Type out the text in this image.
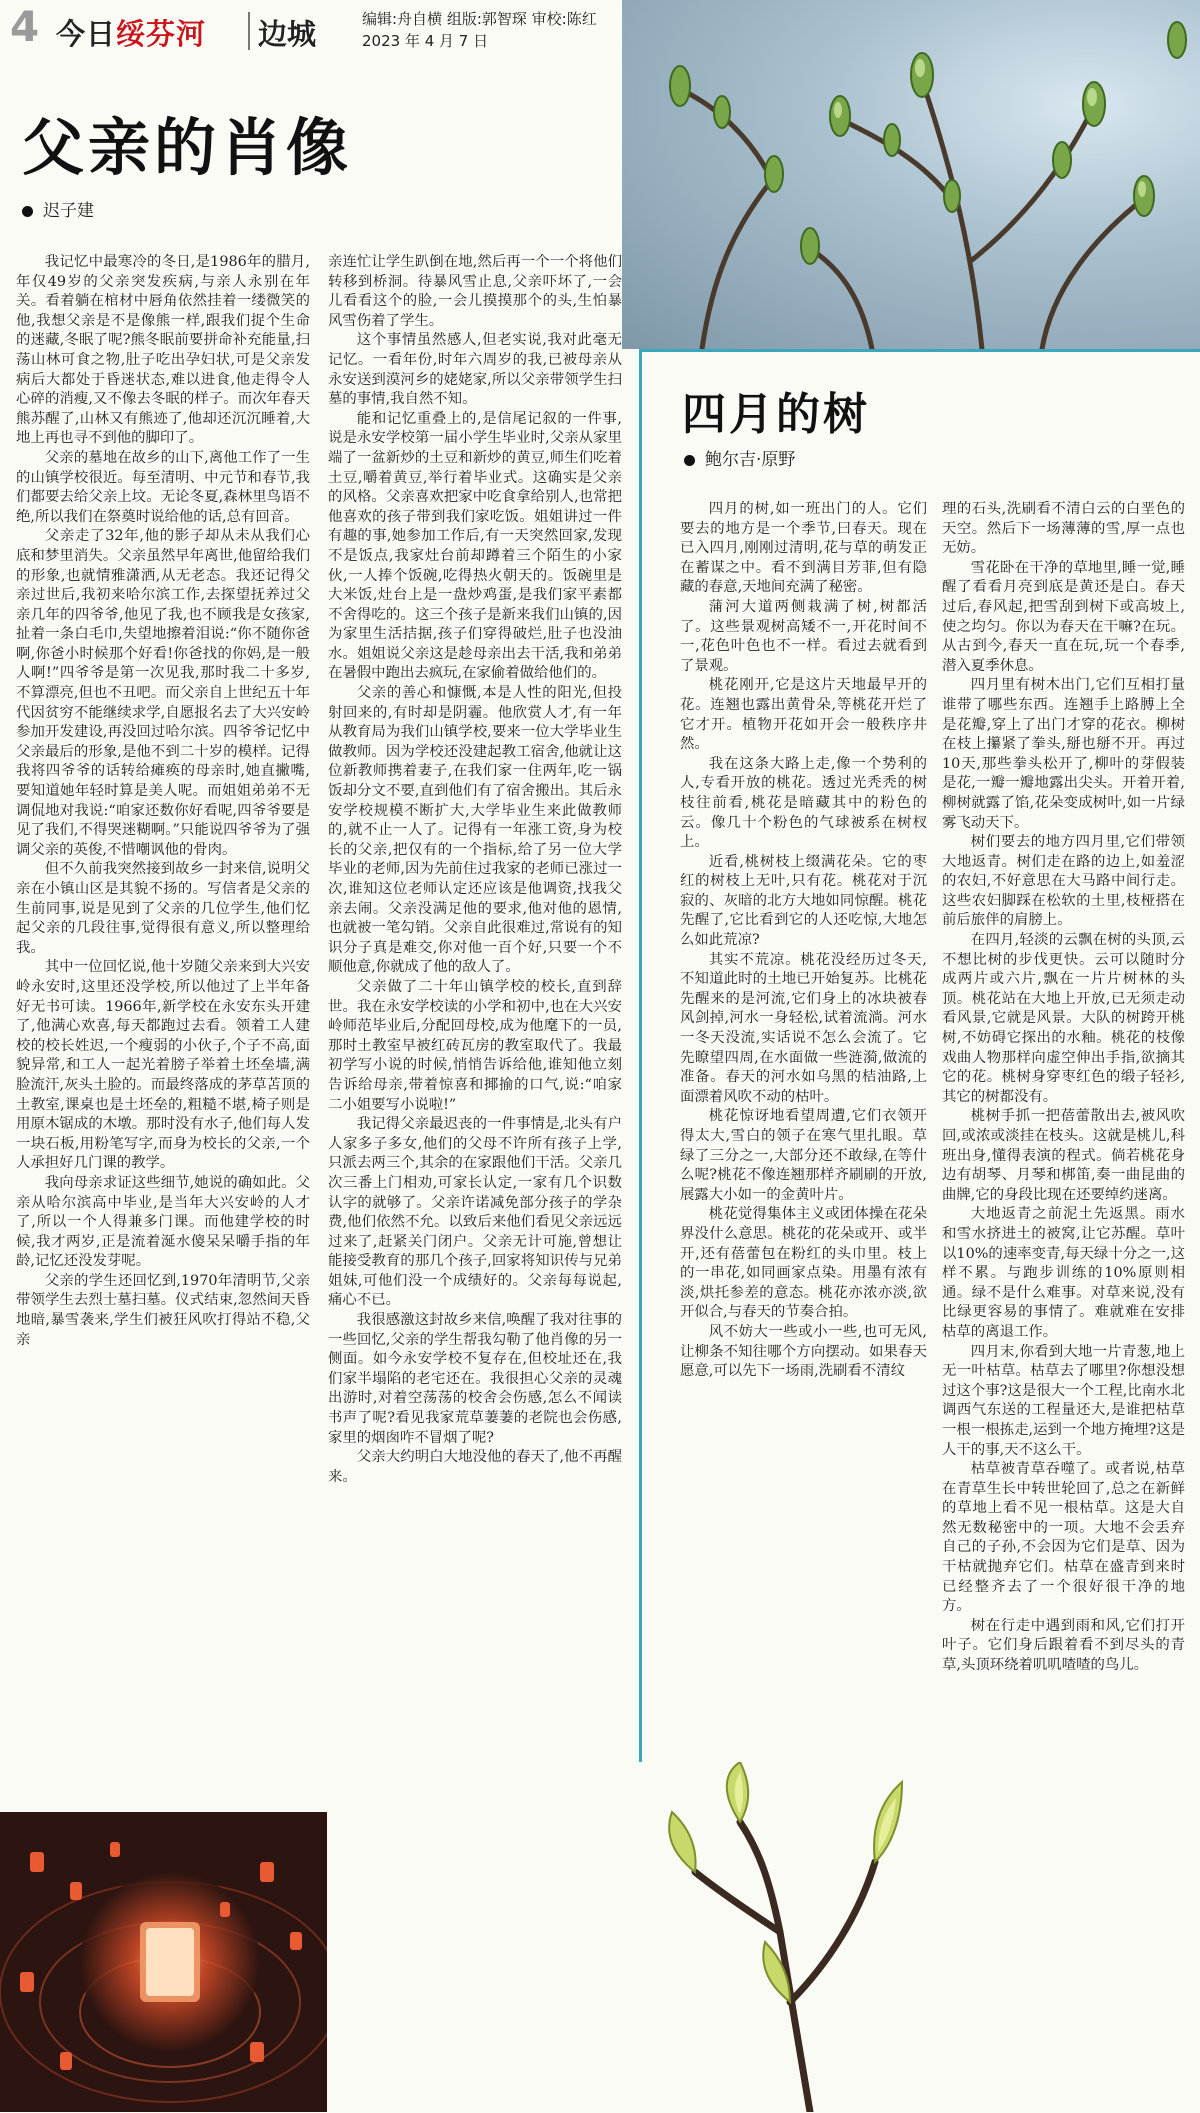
4 今日绥芬河 边城	编辑:舟自横 组版:郭智琛 审校:陈红
2023 年 4 月 7 日
父亲的肖像
迟子建

我记忆中最寒冷的冬日,是1986年的腊月,年仅49岁的父亲突发疾病,与亲人永别在年关。看着躺在棺材中唇角依然挂着一缕微笑的他,我想父亲是不是像熊一样,跟我们捉个生命的迷藏,冬眠了呢?熊冬眠前要拼命补充能量,扫荡山林可食之物,肚子吃出孕妇状,可是父亲发病后大都处于昏迷状态,难以进食,他走得令人心碎的消瘦,又不像去冬眠的样子。而次年春天熊苏醒了,山林又有熊迹了,他却还沉沉睡着,大地上再也寻不到他的脚印了。

父亲的墓地在故乡的山下,离他工作了一生的山镇学校很近。每至清明、中元节和春节,我们都要去给父亲上坟。无论冬夏,森林里鸟语不绝,所以我们在祭奠时说给他的话,总有回音。

父亲走了32年,他的影子却从未从我们心底和梦里消失。父亲虽然早年离世,他留给我们的形象,也就情雅潇洒,从无老态。我还记得父亲过世后,我初来哈尔滨工作,去探望抚养过父亲几年的四爷爷,他见了我,也不顾我是女孩家,扯着一条白毛巾,失望地擦着泪说:“你不随你爸啊,你爸小时候那个好看!你爸找的你妈,是一般人啊!”四爷爷是第一次见我,那时我二十多岁,不算漂亮,但也不丑吧。而父亲自上世纪五十年代因贫穷不能继续求学,自愿报名去了大兴安岭参加开发建设,再没回过哈尔滨。四爷爷记忆中父亲最后的形象,是他不到二十岁的模样。记得我将四爷爷的话转给瘫痪的母亲时,她直撇嘴,要知道她年轻时算是美人呢。而姐姐弟弟不无调侃地对我说:“咱家还数你好看呢,四爷爷要是见了我们,不得哭迷糊啊。”只能说四爷爷为了强调父亲的英俊,不惜嘲讽他的骨肉。

但不久前我突然接到故乡一封来信,说明父亲在小镇山区是其貌不扬的。写信者是父亲的生前同事,说是见到了父亲的几位学生,他们忆起父亲的几段往事,觉得很有意义,所以整理给我。

其中一位回忆说,他十岁随父亲来到大兴安岭永安时,这里还没学校,所以他过了上半年备好无书可读。1966年,新学校在永安东头开建了,他满心欢喜,每天都跑过去看。领着工人建校的校长姓迟,一个瘦弱的小伙子,个子不高,面貌异常,和工人一起光着膀子举着土坯垒墙,满脸流汗,灰头土脸的。而最终落成的茅草苫顶的土教室,课桌也是土坯垒的,粗糙不堪,椅子则是用原木锯成的木墩。那时没有水子,他们每人发一块石板,用粉笔写字,而身为校长的父亲,一个人承担好几门课的教学。

我向母亲求证这些细节,她说的确如此。父亲从哈尔滨高中毕业,是当年大兴安岭的人才了,所以一个人得兼多门课。而他建学校的时候,我才两岁,正是流着涎水傻呆呆嚼手指的年龄,记忆还没发芽呢。

父亲的学生还回忆到,1970年清明节,父亲带领学生去烈士墓扫墓。仪式结束,忽然间天昏地暗,暴雪袭来,学生们被狂风吹打得站不稳,父亲

亲连忙让学生趴倒在地,然后再一个一个将他们转移到桥洞。待暴风雪止息,父亲吓坏了,一会儿看看这个的脸,一会儿摸摸那个的头,生怕暴风雪伤着了学生。

这个事情虽然感人,但老实说,我对此毫无记忆。一看年份,时年六周岁的我,已被母亲从永安送到漠河乡的姥姥家,所以父亲带领学生扫墓的事情,我自然不知。

能和记忆重叠上的,是信尾记叙的一件事,说是永安学校第一届小学生毕业时,父亲从家里端了一盆新炒的土豆和新炒的黄豆,师生们吃着土豆,嚼着黄豆,举行着毕业式。这确实是父亲的风格。父亲喜欢把家中吃食拿给别人,也常把他喜欢的孩子带到我们家吃饭。姐姐讲过一件有趣的事,她参加工作后,有一天突然回家,发现不是饭点,我家灶台前却蹲着三个陌生的小家伙,一人捧个饭碗,吃得热火朝天的。饭碗里是大米饭,灶台上是一盘炒鸡蛋,是我们家平素都不舍得吃的。这三个孩子是新来我们山镇的,因为家里生活拮据,孩子们穿得破烂,肚子也没油水。姐姐说父亲这是趁母亲出去干活,我和弟弟在暑假中跑出去疯玩,在家偷着做给他们的。

父亲的善心和慷慨,本是人性的阳光,但投射回来的,有时却是阴霾。他欣赏人才,有一年从教育局为我们山镇学校,要来一位大学毕业生做教师。因为学校还没建起教工宿舍,他就让这位新教师携着妻子,在我们家一住两年,吃一锅饭却分文不要,直到他们有了宿舍搬出。其后永安学校规模不断扩大,大学毕业生来此做教师的,就不止一人了。记得有一年涨工资,身为校长的父亲,把仅有的一个指标,给了另一位大学毕业的老师,因为先前住过我家的老师已涨过一次,谁知这位老师认定还应该是他调资,找我父亲去闹。父亲没满足他的要求,他对他的恩情,也就被一笔勾销。父亲自此很难过,常说有的知识分子真是难交,你对他一百个好,只要一个不顺他意,你就成了他的敌人了。

父亲做了二十年山镇学校的校长,直到辞世。我在永安学校读的小学和初中,也在大兴安岭师范毕业后,分配回母校,成为他麾下的一员,那时土教室早被红砖瓦房的教室取代了。我最初学写小说的时候,悄悄告诉给他,谁知他立刻告诉给母亲,带着惊喜和揶揄的口气,说:“咱家二小姐要写小说啦!”

我记得父亲最迟丧的一件事情是,北头有户人家多子多女,他们的父母不许所有孩子上学,只派去两三个,其余的在家跟他们干活。父亲几次三番上门相劝,可家长认定,一家有几个识数认字的就够了。父亲许诺减免部分孩子的学杂费,他们依然不允。以致后来他们看见父亲远远过来了,赶紧关门闭户。父亲无计可施,曾想让能接受教育的那几个孩子,回家将知识传与兄弟姐妹,可他们没一个成绩好的。父亲每每说起,痛心不已。

我很感激这封故乡来信,唤醒了我对往事的一些回忆,父亲的学生帮我勾勒了他肖像的另一侧面。如今永安学校不复存在,但校址还在,我们家半塌陷的老宅还在。我很担心父亲的灵魂出游时,对着空荡荡的校舍会伤感,怎么不闻读书声了呢?看见我家荒草萋萋的老院也会伤感,家里的烟囱咋不冒烟了呢?

父亲大约明白大地没他的春天了,他不再醒来。

四月的树
鲍尔吉·原野

四月的树,如一班出门的人。它们要去的地方是一个季节,曰春天。现在已入四月,刚刚过清明,花与草的萌发正在蓄谋之中。看不到满目芳菲,但有隐藏的春意,天地间充满了秘密。

蒲河大道两侧栽满了树,树都活了。这些景观树高矮不一,开花时间不一,花色叶色也不一样。看过去就看到了景观。

桃花刚开,它是这片天地最早开的花。连翘也露出黄骨朵,等桃花开烂了它才开。植物开花如开会一般秩序井然。

我在这条大路上走,像一个势利的人,专看开放的桃花。透过光秃秃的树枝往前看,桃花是暗藏其中的粉色的云。像几十个粉色的气球被系在树杈上。

近看,桃树枝上缀满花朵。它的枣红的树枝上无叶,只有花。桃花对于沉寂的、灰暗的北方大地如同惊醒。桃花先醒了,它比看到它的人还吃惊,大地怎么如此荒凉?

其实不荒凉。桃花没经历过冬天,不知道此时的土地已开始复苏。比桃花先醒来的是河流,它们身上的冰块被春风剑掉,河水一身轻松,试着流淌。河水一冬天没流,实话说不怎么会流了。它先瞭望四周,在水面做一些涟漪,做流的准备。春天的河水如乌黑的桔油路,上面漂着风吹不动的枯叶。

桃花惊讶地看望周遭,它们衣领开得太大,雪白的领子在寒气里扎眼。草绿了三分之一,大部分还不敢绿,在等什么呢?桃花不像连翘那样齐刷刷的开放,展露大小如一的金黄叶片。

桃花觉得集体主义或团体操在花朵界没什么意思。桃花的花朵或开、或半开,还有蓓蕾包在粉红的头巾里。枝上的一串花,如同画家点染。用墨有浓有淡,烘托参差的意态。桃花亦浓亦淡,欲开似合,与春天的节奏合拍。

风不妨大一些或小一些,也可无风,让柳条不知往哪个方向摆动。如果春天愿意,可以先下一场雨,洗刷看不清纹

理的石头,洗刷看不清白云的白垩色的天空。然后下一场薄薄的雪,厚一点也无妨。

雪花卧在干净的草地里,睡一觉,睡醒了看看月亮到底是黄还是白。春天过后,春风起,把雪刮到树下或高坡上,使之均匀。你以为春天在干嘛?在玩。从古到今,春天一直在玩,玩一个春季,潜入夏季休息。

四月里有树木出门,它们互相打量谁带了哪些东西。连翘手上路膊上全是花瓣,穿上了出门才穿的花衣。柳树在枝上攥紧了拳头,掰也掰不开。再过10天,那些拳头松开了,柳叶的芽假装是花,一瓣一瓣地露出尖头。开着开着,柳树就露了馅,花朵变成树叶,如一片绿雾飞动天下。

树们要去的地方四月里,它们带领大地返青。树们走在路的边上,如羞涩的农妇,不好意思在大马路中间行走。这些农妇脚踩在松软的土里,枝桠搭在前后旅伴的肩膀上。

在四月,轻淡的云飘在树的头顶,云不想比树的步伐更快。云可以随时分成两片或六片,飘在一片片树林的头顶。桃花站在大地上开放,已无须走动看风景,它就是风景。大队的树跨开桃树,不妨碍它探出的水釉。桃花的枝像戏曲人物那样向虚空伸出手指,欲摘其它的花。桃树身穿枣红色的缎子轻衫,其它的树都没有。

桃树手抓一把蓓蕾散出去,被风吹回,或浓或淡挂在枝头。这就是桃儿,科班出身,懂得表演的程式。倘若桃花身边有胡琴、月琴和梆笛,奏一曲昆曲的曲牌,它的身段比现在还要绰约迷离。

大地返青之前泥土先返黑。雨水和雪水挤进土的被窝,让它苏醒。草叶以10%的速率变青,每天绿十分之一,这样不累。与跑步训练的10%原则相通。绿不是什么难事。对草来说,没有比绿更容易的事情了。难就难在安排枯草的离退工作。

四月末,你看到大地一片青葱,地上无一叶枯草。枯草去了哪里?你想没想过这个事?这是很大一个工程,比南水北调西气东送的工程量还大,是谁把枯草一根一根拣走,运到一个地方掩埋?这是人干的事,天不这么干。

枯草被青草吞噬了。或者说,枯草在青草生长中转世轮回了,总之在新鲜的草地上看不见一根枯草。这是大自然无数秘密中的一项。大地不会丢弃自己的子孙,不会因为它们是草、因为干枯就抛弃它们。枯草在盛青到来时已经整齐去了一个很好很干净的地方。

树在行走中遇到雨和风,它们打开叶子。它们身后跟着看不到尽头的青草,头顶环绕着叽叽喳喳的鸟儿。
